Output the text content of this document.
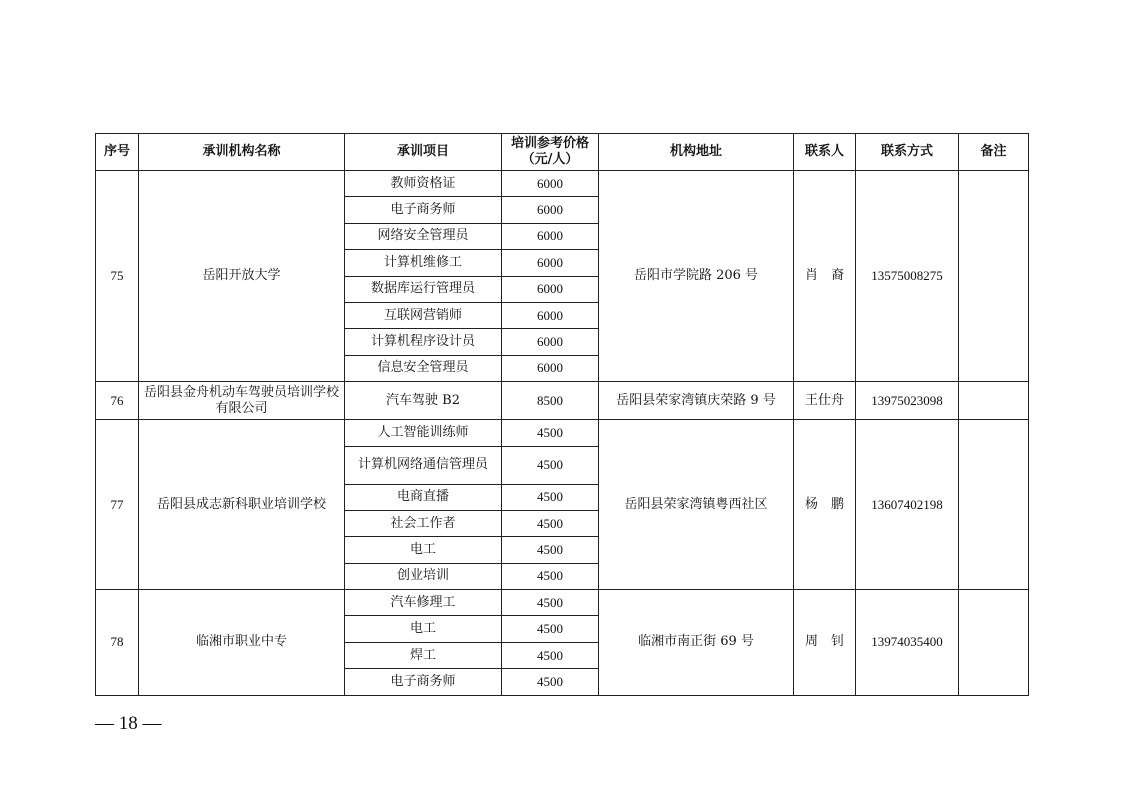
序号	承训机构名称	承训项目	培训参考价格（元/人）	机构地址	联系人	联系方式	备注
75	岳阳开放大学	教师资格证	6000	岳阳市学院路 206 号	肖　裔	13575008275	
		电子商务师	6000				
		网络安全管理员	6000				
		计算机维修工	6000				
		数据库运行管理员	6000				
		互联网营销师	6000				
		计算机程序设计员	6000				
		信息安全管理员	6000				
76	岳阳县金舟机动车驾驶员培训学校有限公司	汽车驾驶 B2	8500	岳阳县荣家湾镇庆荣路 9 号	王仕舟	13975023098	
77	岳阳县成志新科职业培训学校	人工智能训练师	4500	岳阳县荣家湾镇粤西社区	杨　鹏	13607402198	
		计算机网络通信管理员	4500				
		电商直播	4500				
		社会工作者	4500				
		电工	4500				
		创业培训	4500				
78	临湘市职业中专	汽车修理工	4500	临湘市南正街 69 号	周　钊	13974035400	
		电工	4500				
		焊工	4500				
		电子商务师	4500				
— 18 —
